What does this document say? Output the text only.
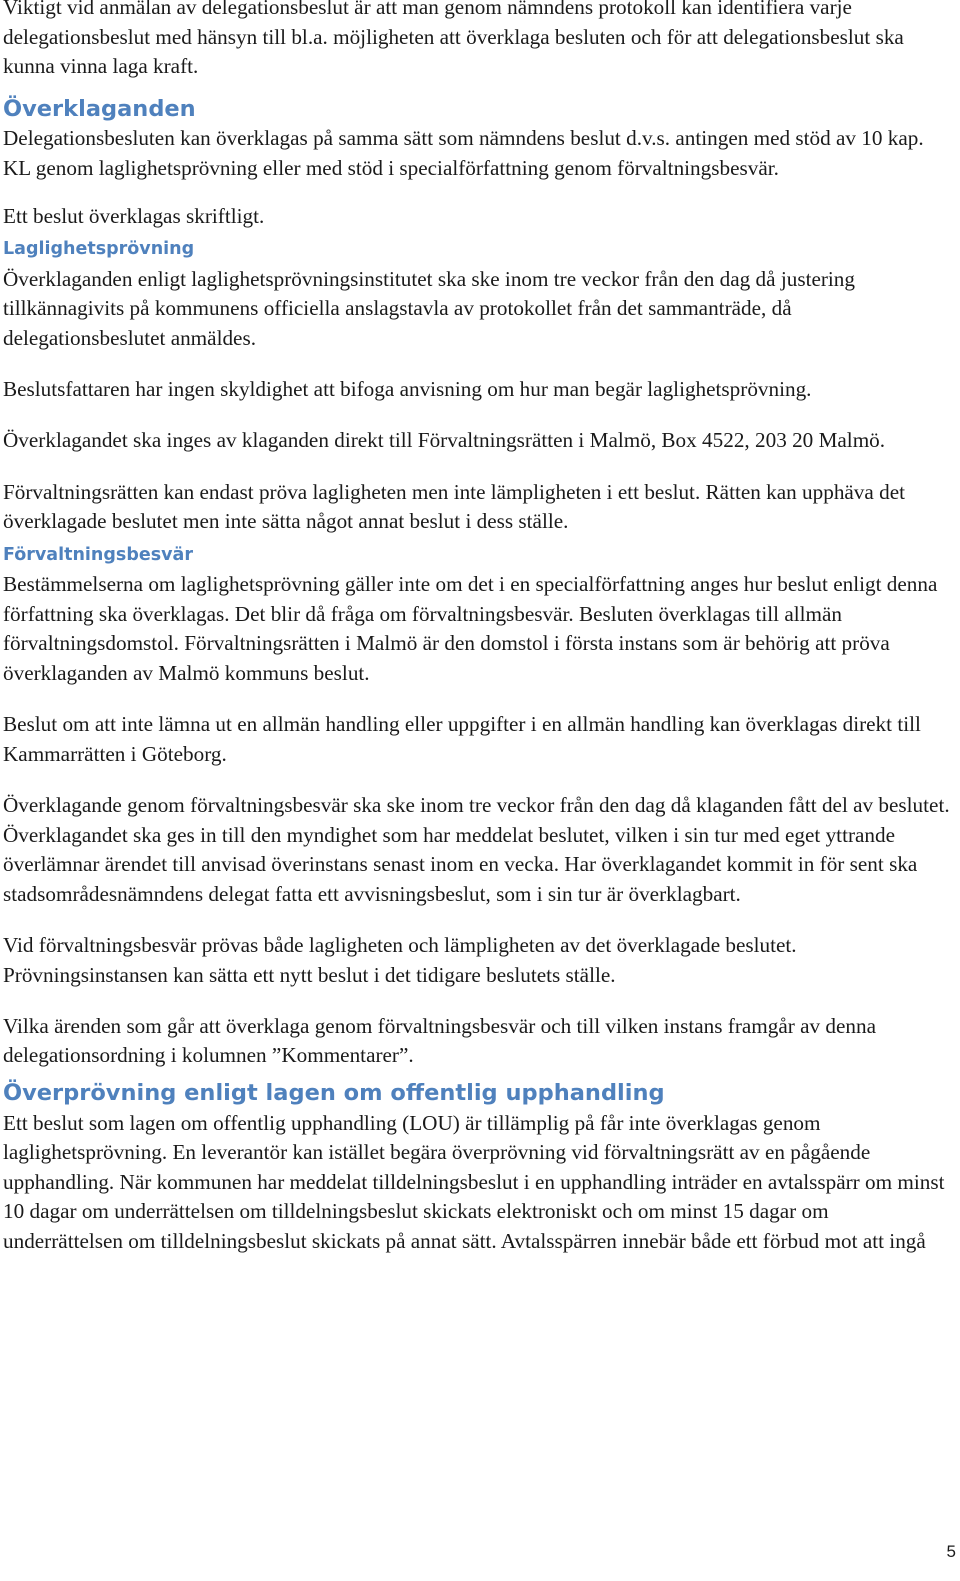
Viktigt vid anmälan av delegationsbeslut är att man genom nämndens protokoll kan identifiera varje delegationsbeslut med hänsyn till bl.a. möjligheten att överklaga besluten och för att delegationsbeslut ska kunna vinna laga kraft.

Överklaganden

Delegationsbesluten kan överklagas på samma sätt som nämndens beslut d.v.s. antingen med stöd av 10 kap. KL genom laglighetsprövning eller med stöd i specialförfattning genom förvaltningsbesvär.

Ett beslut överklagas skriftligt.

Laglighetsprövning

Överklaganden enligt laglighetsprövningsinstitutet ska ske inom tre veckor från den dag då justering tillkännagivits på kommunens officiella anslagstavla av protokollet från det sammanträde, då delegationsbeslutet anmäldes.

Beslutsfattaren har ingen skyldighet att bifoga anvisning om hur man begär laglighetsprövning.

Överklagandet ska inges av klaganden direkt till Förvaltningsrätten i Malmö, Box 4522, 203 20 Malmö.

Förvaltningsrätten kan endast pröva lagligheten men inte lämpligheten i ett beslut. Rätten kan upphäva det överklagade beslutet men inte sätta något annat beslut i dess ställe.

Förvaltningsbesvär

Bestämmelserna om laglighetsprövning gäller inte om det i en specialförfattning anges hur beslut enligt denna författning ska överklagas. Det blir då fråga om förvaltningsbesvär. Besluten överklagas till allmän förvaltningsdomstol. Förvaltningsrätten i Malmö är den domstol i första instans som är behörig att pröva överklaganden av Malmö kommuns beslut.

Beslut om att inte lämna ut en allmän handling eller uppgifter i en allmän handling kan överklagas direkt till Kammarrätten i Göteborg.

Överklagande genom förvaltningsbesvär ska ske inom tre veckor från den dag då klaganden fått del av beslutet. Överklagandet ska ges in till den myndighet som har meddelat beslutet, vilken i sin tur med eget yttrande överlämnar ärendet till anvisad överinstans senast inom en vecka. Har överklagandet kommit in för sent ska stadsområdesnämndens delegat fatta ett avvisningsbeslut, som i sin tur är överklagbart.

Vid förvaltningsbesvär prövas både lagligheten och lämpligheten av det överklagade beslutet. Prövningsinstansen kan sätta ett nytt beslut i det tidigare beslutets ställe.

Vilka ärenden som går att överklaga genom förvaltningsbesvär och till vilken instans framgår av denna delegationsordning i kolumnen ”Kommentarer”.

Överprövning enligt lagen om offentlig upphandling

Ett beslut som lagen om offentlig upphandling (LOU) är tillämplig på får inte överklagas genom laglighetsprövning. En leverantör kan istället begära överprövning vid förvaltningsrätt av en pågående upphandling. När kommunen har meddelat tilldelningsbeslut i en upphandling inträder en avtalsspärr om minst 10 dagar om underrättelsen om tilldelningsbeslut skickats elektroniskt och om minst 15 dagar om underrättelsen om tilldelningsbeslut skickats på annat sätt. Avtalsspärren innebär både ett förbud mot att ingå

5
